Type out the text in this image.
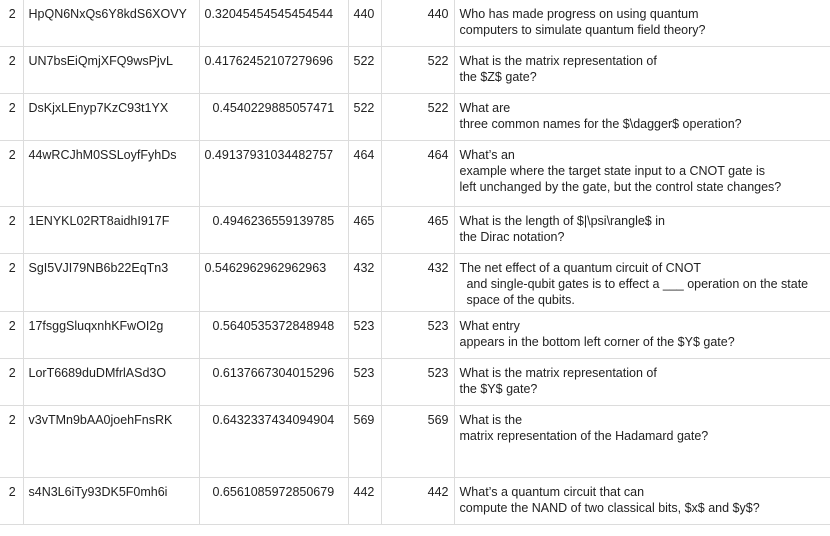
2	HpQN6NxQs6Y8kdS6XOVY	0.32045454545454544	440	440	Who has made progress on using quantum
computers to simulate quantum field theory?
2	UN7bsEiQmjXFQ9wsPjvL	0.41762452107279696	522	522	What is the matrix representation of
the $Z$ gate?
2	DsKjxLEnyp7KzC93t1YX	0.4540229885057471	522	522	What are
three common names for the $\dagger$ operation?
2	44wRCJhM0SSLoyfFyhDs	0.49137931034482757	464	464	What’s an
example where the target state input to a CNOT gate is
left unchanged by the gate, but the control state changes?
2	1ENYKL02RT8aidhI917F	0.4946236559139785	465	465	What is the length of $|\psi\rangle$ in
the Dirac notation?
2	SgI5VJI79NB6b22EqTn3	0.5462962962962963	432	432	The net effect of a quantum circuit of CNOT
and single-qubit gates is to effect a ___ operation on the state
space of the qubits.
2	17fsggSluqxnhKFwOI2g	0.5640535372848948	523	523	What entry
appears in the bottom left corner of the $Y$ gate?
2	LorT6689duDMfrlASd3O	0.6137667304015296	523	523	What is the matrix representation of
the $Y$ gate?
2	v3vTMn9bAA0joehFnsRK	0.6432337434094904	569	569	What is the
matrix representation of the Hadamard gate?
2	s4N3L6iTy93DK5F0mh6i	0.6561085972850679	442	442	What’s a quantum circuit that can
compute the NAND of two classical bits, $x$ and $y$?
